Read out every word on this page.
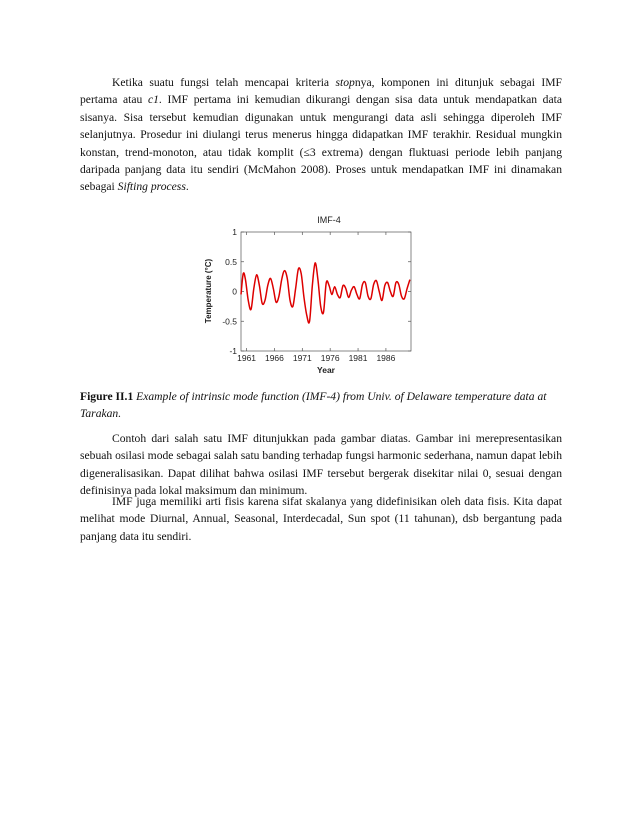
Ketika suatu fungsi telah mencapai kriteria stopnya, komponen ini ditunjuk sebagai IMF pertama atau c1. IMF pertama ini kemudian dikurangi dengan sisa data untuk mendapatkan data sisanya. Sisa tersebut kemudian digunakan untuk mengurangi data asli sehingga diperoleh IMF selanjutnya. Prosedur ini diulangi terus menerus hingga didapatkan IMF terakhir. Residual mungkin konstan, trend-monoton, atau tidak komplit (≤3 extrema) dengan fluktuasi periode lebih panjang daripada panjang data itu sendiri (McMahon 2008). Proses untuk mendapatkan IMF ini dinamakan sebagai Sifting process.

IMF-4
1
0.5
0
-0.5
-1
1961 1966 1971 1976 1981 1986
Year
Temperature (°C)

Figure II.1 Example of intrinsic mode function (IMF-4) from Univ. of Delaware temperature data at Tarakan.

Contoh dari salah satu IMF ditunjukkan pada gambar diatas. Gambar ini merepresentasikan sebuah osilasi mode sebagai salah satu banding terhadap fungsi harmonic sederhana, namun dapat lebih digeneralisasikan. Dapat dilihat bahwa osilasi IMF tersebut bergerak disekitar nilai 0, sesuai dengan definisinya pada lokal maksimum dan minimum.

IMF juga memiliki arti fisis karena sifat skalanya yang didefinisikan oleh data fisis. Kita dapat melihat mode Diurnal, Annual, Seasonal, Interdecadal, Sun spot (11 tahunan), dsb bergantung pada panjang data itu sendiri.
